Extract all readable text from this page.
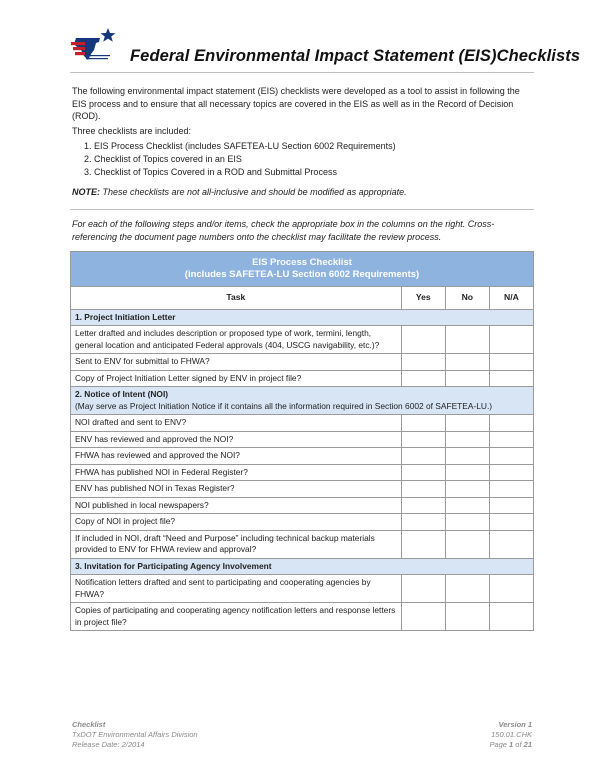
Federal Environmental Impact Statement (EIS)Checklists
The following environmental impact statement (EIS) checklists were developed as a tool to assist in following the EIS process and to ensure that all necessary topics are covered in the EIS as well as in the Record of Decision (ROD).
Three checklists are included:
1. EIS Process Checklist (includes SAFETEA-LU Section 6002 Requirements)
2. Checklist of Topics covered in an EIS
3. Checklist of Topics Covered in a ROD and Submittal Process
NOTE: These checklists are not all-inclusive and should be modified as appropriate.
For each of the following steps and/or items, check the appropriate box in the columns on the right. Cross-referencing the document page numbers onto the checklist may facilitate the review process.
EIS Process Checklist
(includes SAFETEA-LU Section 6002 Requirements)			

Task	Yes	No	N/A

1. Project Initiation Letter			

Letter drafted and includes description or proposed type of work, termini, length, general location and anticipated Federal approvals (404, USCG navigability, etc.)?			
Sent to ENV for submittal to FHWA?			
Copy of Project Initiation Letter signed by ENV in project file?			

2. Notice of Intent (NOI)
(May serve as Project Initiation Notice if it contains all the information required in Section 6002 of SAFETEA-LU.)			

NOI drafted and sent to ENV?			
ENV has reviewed and approved the NOI?			
FHWA has reviewed and approved the NOI?			
FHWA has published NOI in Federal Register?			
ENV has published NOI in Texas Register?			
NOI published in local newspapers?			
Copy of NOI in project file?			
If included in NOI, draft “Need and Purpose” including technical backup materials provided to ENV for FHWA review and approval?			

3. Invitation for Participating Agency Involvement			

Notification letters drafted and sent to participating and cooperating agencies by FHWA?			
Copies of participating and cooperating agency notification letters and response letters in project file?			
Checklist
TxDOT Environmental Affairs Division
Release Date: 2/2014
Version 1
150.01.CHK
Page 1 of 21
